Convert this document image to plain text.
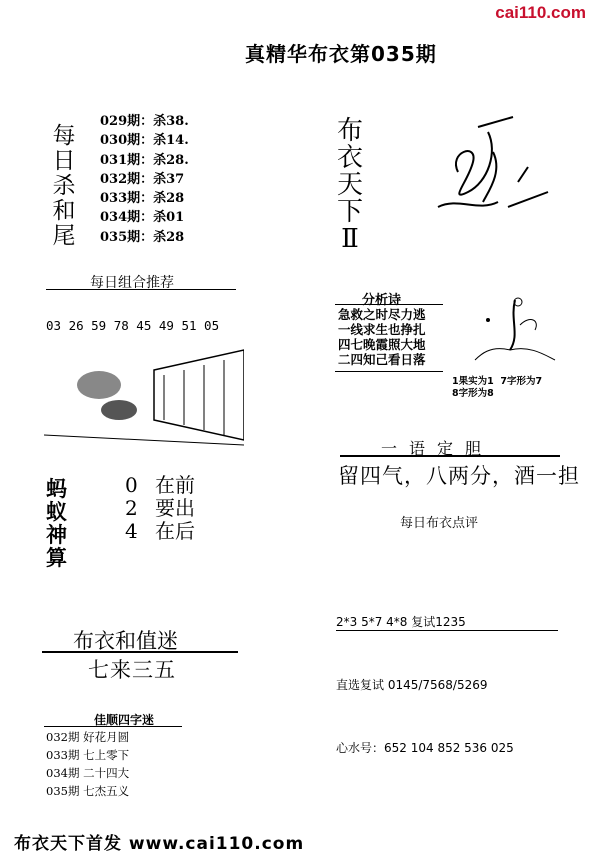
cai110.com
真精华布衣第035期
每
日
杀
和
尾
029期：杀38.
030期：杀14.
031期：杀28.
032期：杀37
033期：杀28
034期：杀01
035期：杀28
布
衣
天
下
Ⅱ
每日组合推荐

03 26 59 78 45 49 51 05

分析诗
急救之时尽力逃
一线求生也挣扎
四七晚霞照大地
二四知己看日落
1果实为1  7字形为7
8字形为8
一语定胆
留四气，八两分，酒一担
每日布衣点评
蚂
蚁
神
算
0 在前
2 要出
4 在后

2*3 5*7 4*8 复试1235

直选复试 0145/7568/5269

心水号：652 104 852 536 025

布衣和值迷
七来三五
佳顺四字迷
032期 好花月圆
033期 七上零下
034期 二十四大
035期 七杰五义
布衣天下首发 www.cai110.com
